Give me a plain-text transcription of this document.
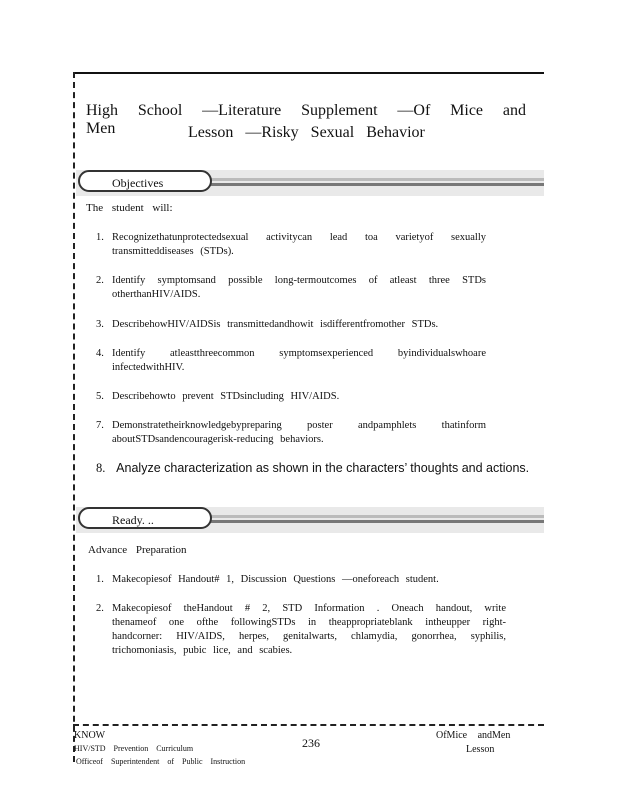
High School —Literature Supplement —Of Mice and Men	Lesson —Risky Sexual Behavior
Objectives
The student will:
1. Recognizethatunprotectedsexual activitycan lead toa varietyof sexually transmitteddiseases (STDs).
2. Identify symptomsand possible long-termoutcomes of atleast three STDs otherthanHIV/AIDS.
3. DescribehowHIV/AIDSis transmittedandhowit isdifferentfromother STDs.
4. Identify atleastthreecommon symptomsexperienced byindividualswhoare infectedwithHIV.
5. Describehowto prevent STDsincluding HIV/AIDS.
7. Demonstratetheirknowledgebypreparing poster andpamphlets thatinform aboutSTDsandencouragerisk-reducing behaviors.
8. Analyze characterization as shown in the characters’ thoughts and actions.
Ready. ..
Advance Preparation
1. Makecopiesof Handout# 1, Discussion Questions —oneforeach student.
2. Makecopiesof theHandout # 2, STD Information . Oneach handout, write thenameof one ofthe followingSTDs in theappropriateblank intheupper right-handcorner: HIV/AIDS, herpes, genitalwarts, chlamydia, gonorrhea, syphilis, trichomoniasis, pubic lice, and scabies.
KNOW
HIV/STD Prevention Curriculum
Officeof Superintendent of Public Instruction
236
OfMice andMen
Lesson
